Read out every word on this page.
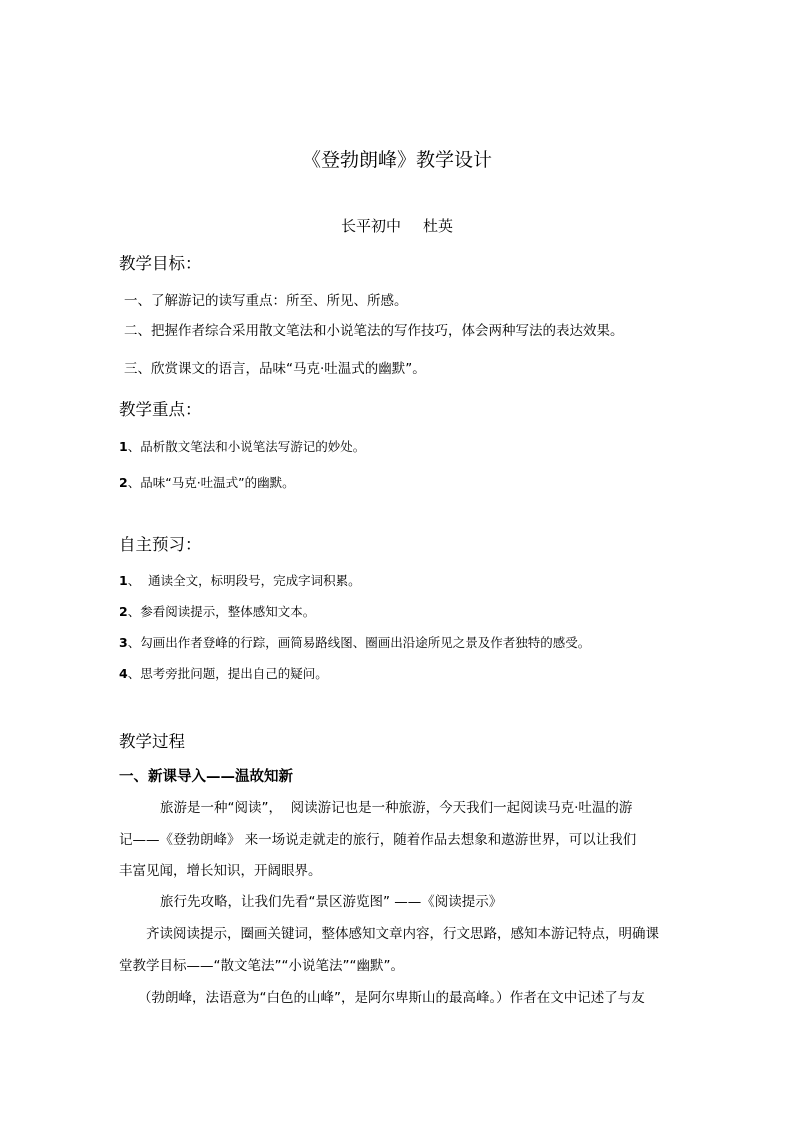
《登勃朗峰》教学设计
长平初中 杜英
教学目标：
一、了解游记的读写重点：所至、所见、所感。
二、把握作者综合采用散文笔法和小说笔法的写作技巧，体会两种写法的表达效果。
三、欣赏课文的语言，品味“马克·吐温式的幽默”。
教学重点：
1、品析散文笔法和小说笔法写游记的妙处。
2、品味“马克·吐温式”的幽默。
自主预习：
1、  通读全文，标明段号，完成字词积累。
2、参看阅读提示，整体感知文本。
3、勾画出作者登峰的行踪，画简易路线图、圈画出沿途所见之景及作者独特的感受。
4、思考旁批问题，提出自己的疑问。
教学过程
一、新课导入——温故知新
旅游是一种“阅读”，  阅读游记也是一种旅游，今天我们一起阅读马克·吐温的游
记——《登勃朗峰》 来一场说走就走的旅行，随着作品去想象和遨游世界，可以让我们
丰富见闻，增长知识，开阔眼界。
旅行先攻略，让我们先看“景区游览图” ——《阅读提示》
齐读阅读提示，圈画关键词，整体感知文章内容，行文思路，感知本游记特点，明确课
堂教学目标——“散文笔法”“小说笔法”“幽默”。
（勃朗峰，法语意为“白色的山峰”，是阿尔卑斯山的最高峰。）作者在文中记述了与友
